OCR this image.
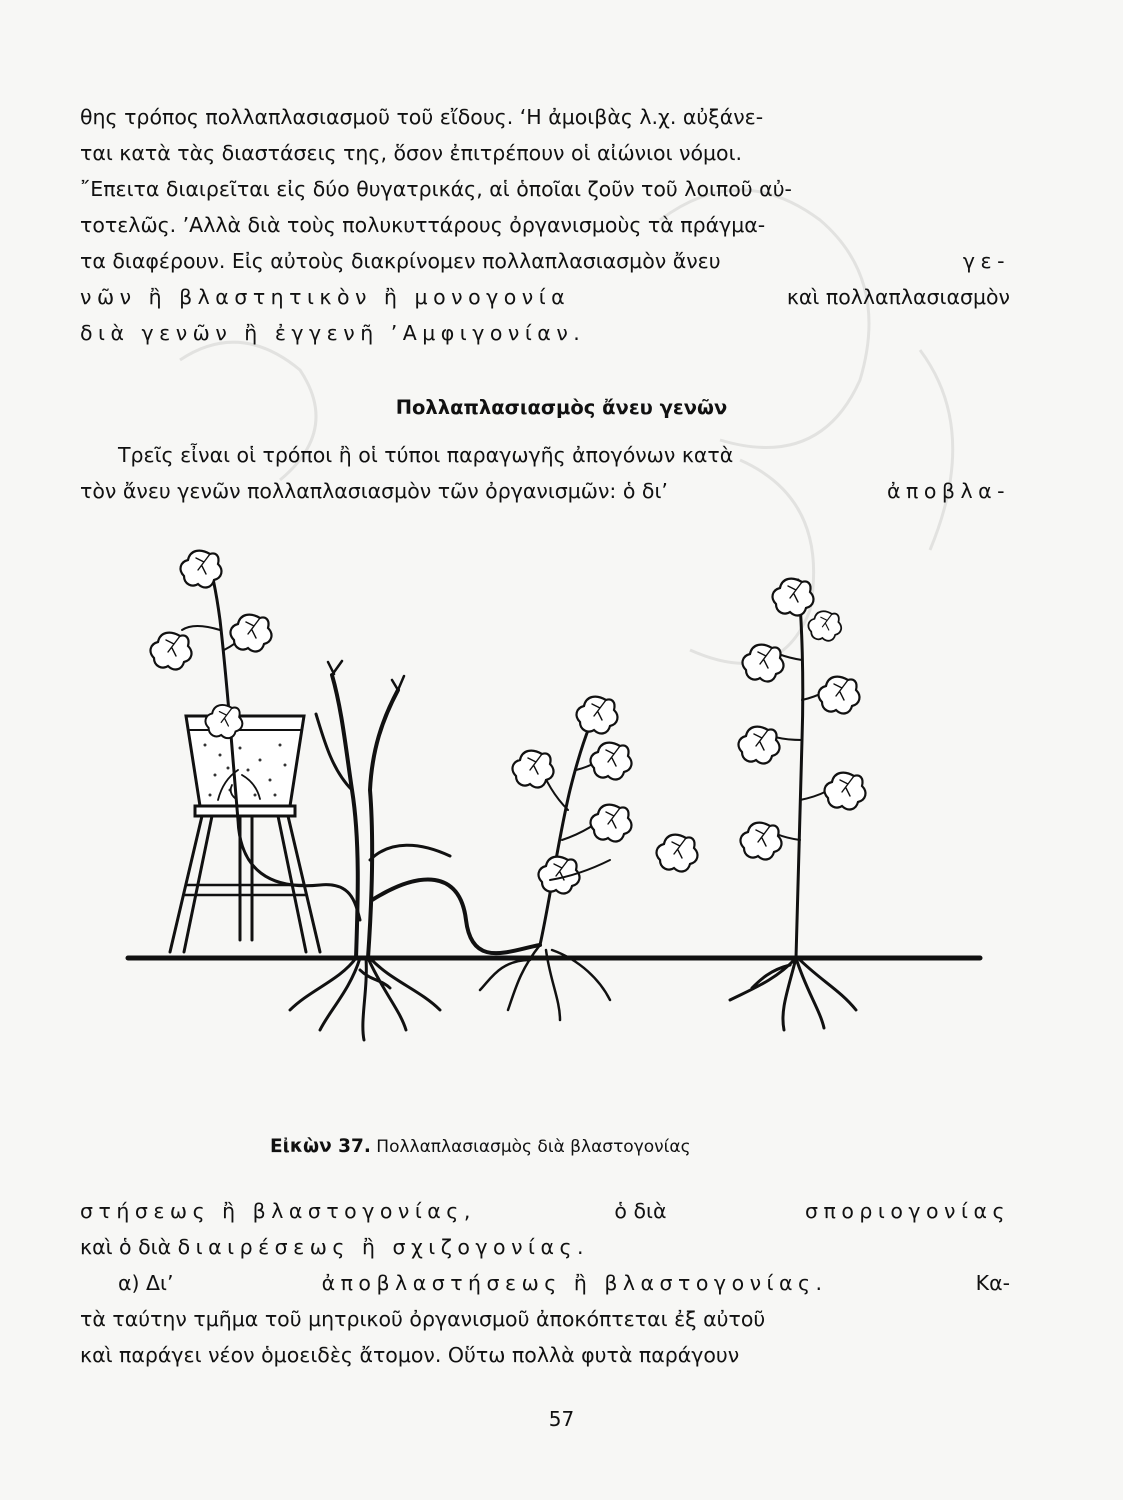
θης τρόπος πολλαπλασιασμοῦ τοῦ εἴδους. ‘Η ἀμοιβὰς λ.χ. αὐξάνε-
ται κατὰ τὰς διαστάσεις της, ὅσον ἐπιτρέπουν οἱ αἰώνιοι νόμοι.
῎Επειτα διαιρεῖται εἰς δύο θυγατρικάς, αἱ ὁποῖαι ζοῦν τοῦ λοιποῦ αὐ-
τοτελῶς. ’Αλλὰ διὰ τοὺς πολυκυττάρους ὀργανισμοὺς τὰ πράγμα-
τα διαφέρουν. Εἰς αὐτοὺς διακρίνομεν πολλαπλασιασμὸν ἄνευ	γε-
νῶν ἢ βλαστητικὸν ἢ μονογονία	καὶ πολλαπλασιασμὸν
διὰ γενῶν ἢ ἐγγενῆ ’Αμφιγονίαν.
Πολλαπλασιασμὸς ἄνευ γενῶν
Τρεῖς εἶναι οἱ τρόποι ἢ οἱ τύποι παραγωγῆς ἀπογόνων κατὰ
τὸν ἄνευ γενῶν πολλαπλασιασμὸν τῶν ὀργανισμῶν: ὁ δι’	ἀποβλα-
Εἰκὼν 37. Πολλαπλασιασμὸς διὰ βλαστογονίας
στήσεως ἢ βλαστογονίας,	ὁ διὰ	σποριογονίας
καὶ ὁ διὰ
διαιρέσεως ἢ σχιζογονίας.
α) Δι’	ἀποβλαστήσεως ἢ βλαστογονίας.	Κα-
τὰ ταύτην τμῆμα τοῦ μητρικοῦ ὀργανισμοῦ ἀποκόπτεται ἐξ αὐτοῦ
καὶ παράγει νέον ὁμοειδὲς ἄτομον. Οὕτω πολλὰ φυτὰ παράγουν
57
